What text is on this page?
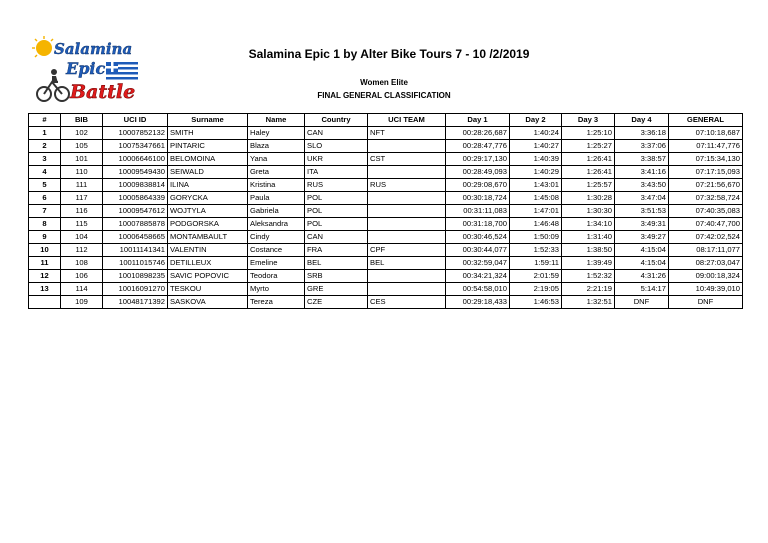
Salamina
Epic
Battle
Salamina Epic 1 by Alter Bike Tours 7 - 10 /2/2019
Women Elite
FINAL GENERAL CLASSIFICATION
#	BIB	UCI ID	Surname	Name	Country	UCI TEAM	Day 1	Day 2	Day 3	Day 4	GENERAL
1	102	10007852132	SMITH	Haley	CAN	NFT	00:28:26,687	1:40:24	1:25:10	3:36:18	07:10:18,687
2	105	10075347661	PINTARIC	Blaza	SLO		00:28:47,776	1:40:27	1:25:27	3:37:06	07:11:47,776
3	101	10006646100	BELOMOINA	Yana	UKR	CST	00:29:17,130	1:40:39	1:26:41	3:38:57	07:15:34,130
4	110	10009549430	SEIWALD	Greta	ITA		00:28:49,093	1:40:29	1:26:41	3:41:16	07:17:15,093
5	111	10009838814	ILINA	Kristina	RUS	RUS	00:29:08,670	1:43:01	1:25:57	3:43:50	07:21:56,670
6	117	10005864339	GORYCKA	Paula	POL		00:30:18,724	1:45:08	1:30:28	3:47:04	07:32:58,724
7	116	10009547612	WOJTYLA	Gabriela	POL		00:31:11,083	1:47:01	1:30:30	3:51:53	07:40:35,083
8	115	10007885878	PODGORSKA	Aleksandra	POL		00:31:18,700	1:46:48	1:34:10	3:49:31	07:40:47,700
9	104	10006458665	MONTAMBAULT	Cindy	CAN		00:30:46,524	1:50:09	1:31:40	3:49:27	07:42:02,524
10	112	10011141341	VALENTIN	Costance	FRA	CPF	00:30:44,077	1:52:33	1:38:50	4:15:04	08:17:11,077
11	108	10011015746	DETILLEUX	Emeline	BEL	BEL	00:32:59,047	1:59:11	1:39:49	4:15:04	08:27:03,047
12	106	10010898235	SAVIC POPOVIC	Teodora	SRB		00:34:21,324	2:01:59	1:52:32	4:31:26	09:00:18,324
13	114	10016091270	TESKOU	Myrto	GRE		00:54:58,010	2:19:05	2:21:19	5:14:17	10:49:39,010
	109	10048171392	SASKOVA	Tereza	CZE	CES	00:29:18,433	1:46:53	1:32:51	DNF	DNF
